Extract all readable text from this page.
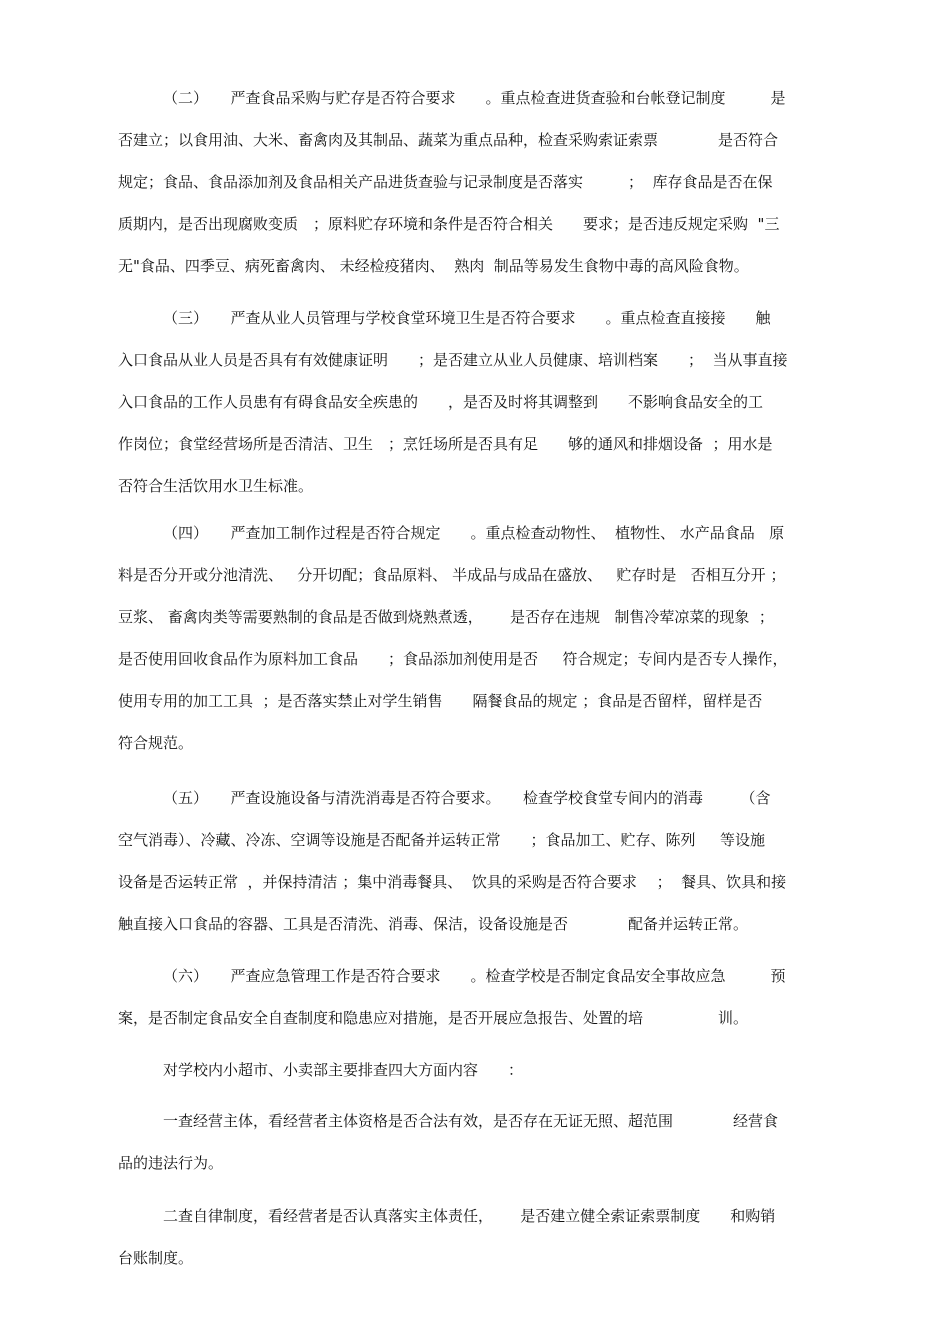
（二）　　严查食品采购与贮存是否符合要求　　。重点检查进货查验和台帐登记制度　　　是
否建立；以食用油、大米、畜禽肉及其制品、蔬菜为重点品种，检查采购索证索票　　　　是否符合
规定；食品、食品添加剂及食品相关产品进货查验与记录制度是否落实　　　；  库存食品是否在保
质期内，是否出现腐败变质　；原料贮存环境和条件是否符合相关　　要求；是否违反规定采购  "三
无"食品、四季豆、病死畜禽肉、 未经检疫猪肉、  熟肉  制品等易发生食物中毒的高风险食物。
（三）　　严查从业人员管理与学校食堂环境卫生是否符合要求　　。重点检查直接接　　触
入口食品从业人员是否具有有效健康证明　　；是否建立从业人员健康、培训档案　　；  当从事直接
入口食品的工作人员患有有碍食品安全疾患的　　，是否及时将其调整到　　不影响食品安全的工
作岗位；食堂经营场所是否清洁、卫生　；烹饪场所是否具有足　　够的通风和排烟设备  ；用水是
否符合生活饮用水卫生标准。
（四）　　严查加工制作过程是否符合规定　　。重点检查动物性、  植物性、 水产品食品   原
料是否分开或分池清洗、   分开切配；食品原料、 半成品与成品在盛放、   贮存时是   否相互分开 ；
豆浆、 畜禽肉类等需要熟制的食品是否做到烧熟煮透，　　 是否存在违规   制售冷荤凉菜的现象  ；
是否使用回收食品作为原料加工食品　　；食品添加剂使用是否　  符合规定；专间内是否专人操作，
使用专用的加工工具  ；是否落实禁止对学生销售　　隔餐食品的规定 ；食品是否留样，留样是否
符合规范。
（五）　　严查设施设备与清洗消毒是否符合要求。　　检查学校食堂专间内的消毒　　　（含
空气消毒）、冷藏、冷冻、空调等设施是否配备并运转正常　　；食品加工、贮存、陈列　  等设施
设备是否运转正常  ，并保持清洁 ；集中消毒餐具、  饮具的采购是否符合要求　 ；  餐具、饮具和接
触直接入口食品的容器、工具是否清洗、消毒、保洁，设备设施是否　　　　配备并运转正常。
（六）　　严查应急管理工作是否符合要求　　。检查学校是否制定食品安全事故应急　　　预
案，是否制定食品安全自查制度和隐患应对措施，是否开展应急报告、处置的培　　　　　训。
对学校内小超市、小卖部主要排查四大方面内容　　：
一查经营主体，看经营者主体资格是否合法有效，是否存在无证无照、超范围　　　　经营食
品的违法行为。
二查自律制度，看经营者是否认真落实主体责任，　　 是否建立健全索证索票制度　　和购销
台账制度。
